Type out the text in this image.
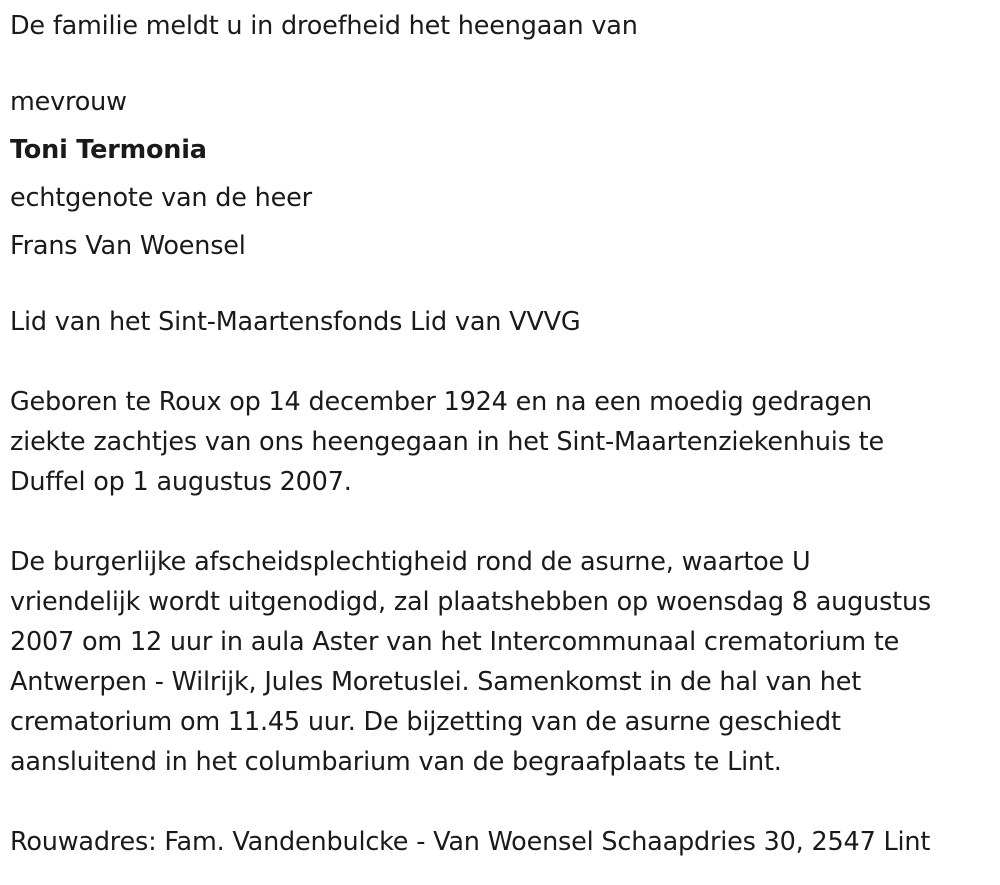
De familie meldt u in droefheid het heengaan van
mevrouw
Toni Termonia
echtgenote van de heer
Frans Van Woensel
Lid van het Sint-Maartensfonds Lid van VVVG
Geboren te Roux op 14 december 1924 en na een moedig gedragen
ziekte zachtjes van ons heengegaan in het Sint-Maartenziekenhuis te
Duffel op 1 augustus 2007.
De burgerlijke afscheidsplechtigheid rond de asurne, waartoe U
vriendelijk wordt uitgenodigd, zal plaatshebben op woensdag 8 augustus
2007 om 12 uur in aula Aster van het Intercommunaal crematorium te
Antwerpen - Wilrijk, Jules Moretuslei. Samenkomst in de hal van het
crematorium om 11.45 uur. De bijzetting van de asurne geschiedt
aansluitend in het columbarium van de begraafplaats te Lint.
Rouwadres: Fam. Vandenbulcke - Van Woensel Schaapdries 30, 2547 Lint
